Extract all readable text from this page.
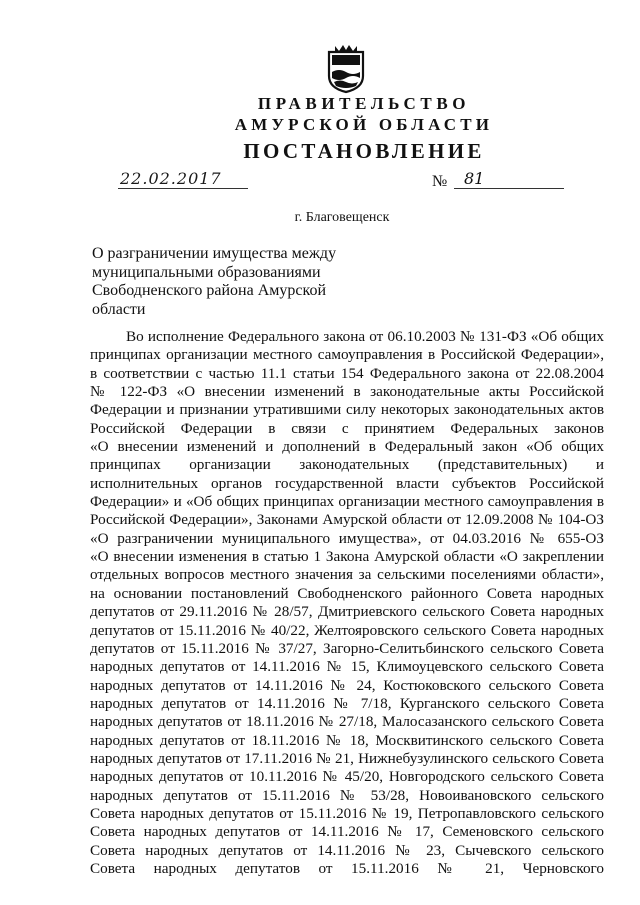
ПРАВИТЕЛЬСТВО
АМУРСКОЙ ОБЛАСТИ
ПОСТАНОВЛЕНИЕ
22.02.2017	№	81
г. Благовещенск
О разграничении имущества между
муниципальными образованиями
Свободненского района Амурской
области
Во исполнение Федерального закона от 06.10.2003 № 131-ФЗ «Об общих
принципах организации местного самоуправления в Российской Федерации»,
в соответствии с частью 11.1 статьи 154 Федерального закона от 22.08.2004
№ 122-ФЗ «О внесении изменений в законодательные акты Российской
Федерации и признании утратившими силу некоторых законодательных актов
Российской Федерации в связи с принятием Федеральных законов
«О внесении изменений и дополнений в Федеральный закон «Об общих
принципах организации законодательных (представительных) и
исполнительных органов государственной власти субъектов Российской
Федерации» и «Об общих принципах организации местного самоуправления в
Российской Федерации», Законами Амурской области от 12.09.2008 № 104-ОЗ
«О разграничении муниципального имущества», от 04.03.2016 № 655-ОЗ
«О внесении изменения в статью 1 Закона Амурской области «О закреплении
отдельных вопросов местного значения за сельскими поселениями области»,
на основании постановлений Свободненского районного Совета народных
депутатов от 29.11.2016 № 28/57, Дмитриевского сельского Совета народных
депутатов от 15.11.2016 № 40/22, Желтояровского сельского Совета народных
депутатов от 15.11.2016 № 37/27, Загорно-Селитьбинского сельского Совета
народных депутатов от 14.11.2016 № 15, Климоуцевского сельского Совета
народных депутатов от 14.11.2016 № 24, Костюковского сельского Совета
народных депутатов от 14.11.2016 № 7/18, Курганского сельского Совета
народных депутатов от 18.11.2016 № 27/18, Малосазанского сельского Совета
народных депутатов от 18.11.2016 № 18, Москвитинского сельского Совета
народных депутатов от 17.11.2016 № 21, Нижнебузулинского сельского Совета
народных депутатов от 10.11.2016 № 45/20, Новгородского сельского Совета
народных депутатов от 15.11.2016 № 53/28, Новоивановского сельского
Совета народных депутатов от 15.11.2016 № 19, Петропавловского сельского
Совета народных депутатов от 14.11.2016 № 17, Семеновского сельского
Совета народных депутатов от 14.11.2016 № 23, Сычевского сельского
Совета народных депутатов от 15.11.2016 № 21, Черновского
